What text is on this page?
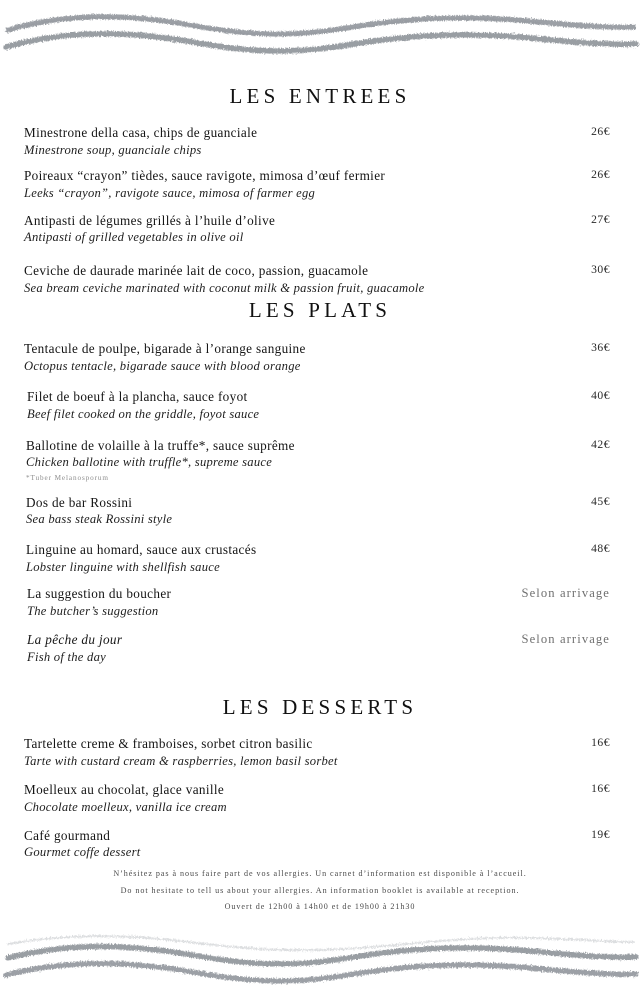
LES ENTREES
Minestrone della casa, chips de guanciale
Minestrone soup, guanciale chips
26€
Poireaux “crayon” tièdes, sauce ravigote, mimosa d’œuf fermier
Leeks “crayon”, ravigote sauce, mimosa of farmer egg
26€
Antipasti de légumes grillés à l’huile d’olive
Antipasti of grilled vegetables in olive oil
27€
Ceviche de daurade marinée lait de coco, passion, guacamole
Sea bream ceviche marinated with coconut milk & passion fruit, guacamole
30€
LES PLATS
Tentacule de poulpe, bigarade à l’orange sanguine
Octopus tentacle, bigarade sauce with blood orange
36€
Filet de boeuf à la plancha, sauce foyot
Beef filet cooked on the griddle, foyot sauce
40€
Ballotine de volaille à la truffe*, sauce suprême
Chicken ballotine with truffle*, supreme sauce
*Tuber Melanosporum
42€
Dos de bar Rossini
Sea bass steak Rossini style
45€
Linguine au homard, sauce aux crustacés
Lobster linguine with shellfish sauce
48€
La suggestion du boucher
The butcher’s suggestion
Selon arrivage
La pêche du jour
Fish of the day
Selon arrivage
LES DESSERTS
Tartelette creme & framboises, sorbet citron basilic
Tarte with custard cream & raspberries, lemon basil sorbet
16€
Moelleux au chocolat, glace vanille
Chocolate moelleux, vanilla ice cream
16€
Café gourmand
Gourmet coffe dessert
19€
N’hésitez pas à nous faire part de vos allergies. Un carnet d’information est disponible à l’accueil.
Do not hesitate to tell us about your allergies. An information booklet is available at reception.
Ouvert de 12h00 à 14h00 et de 19h00 à 21h30
